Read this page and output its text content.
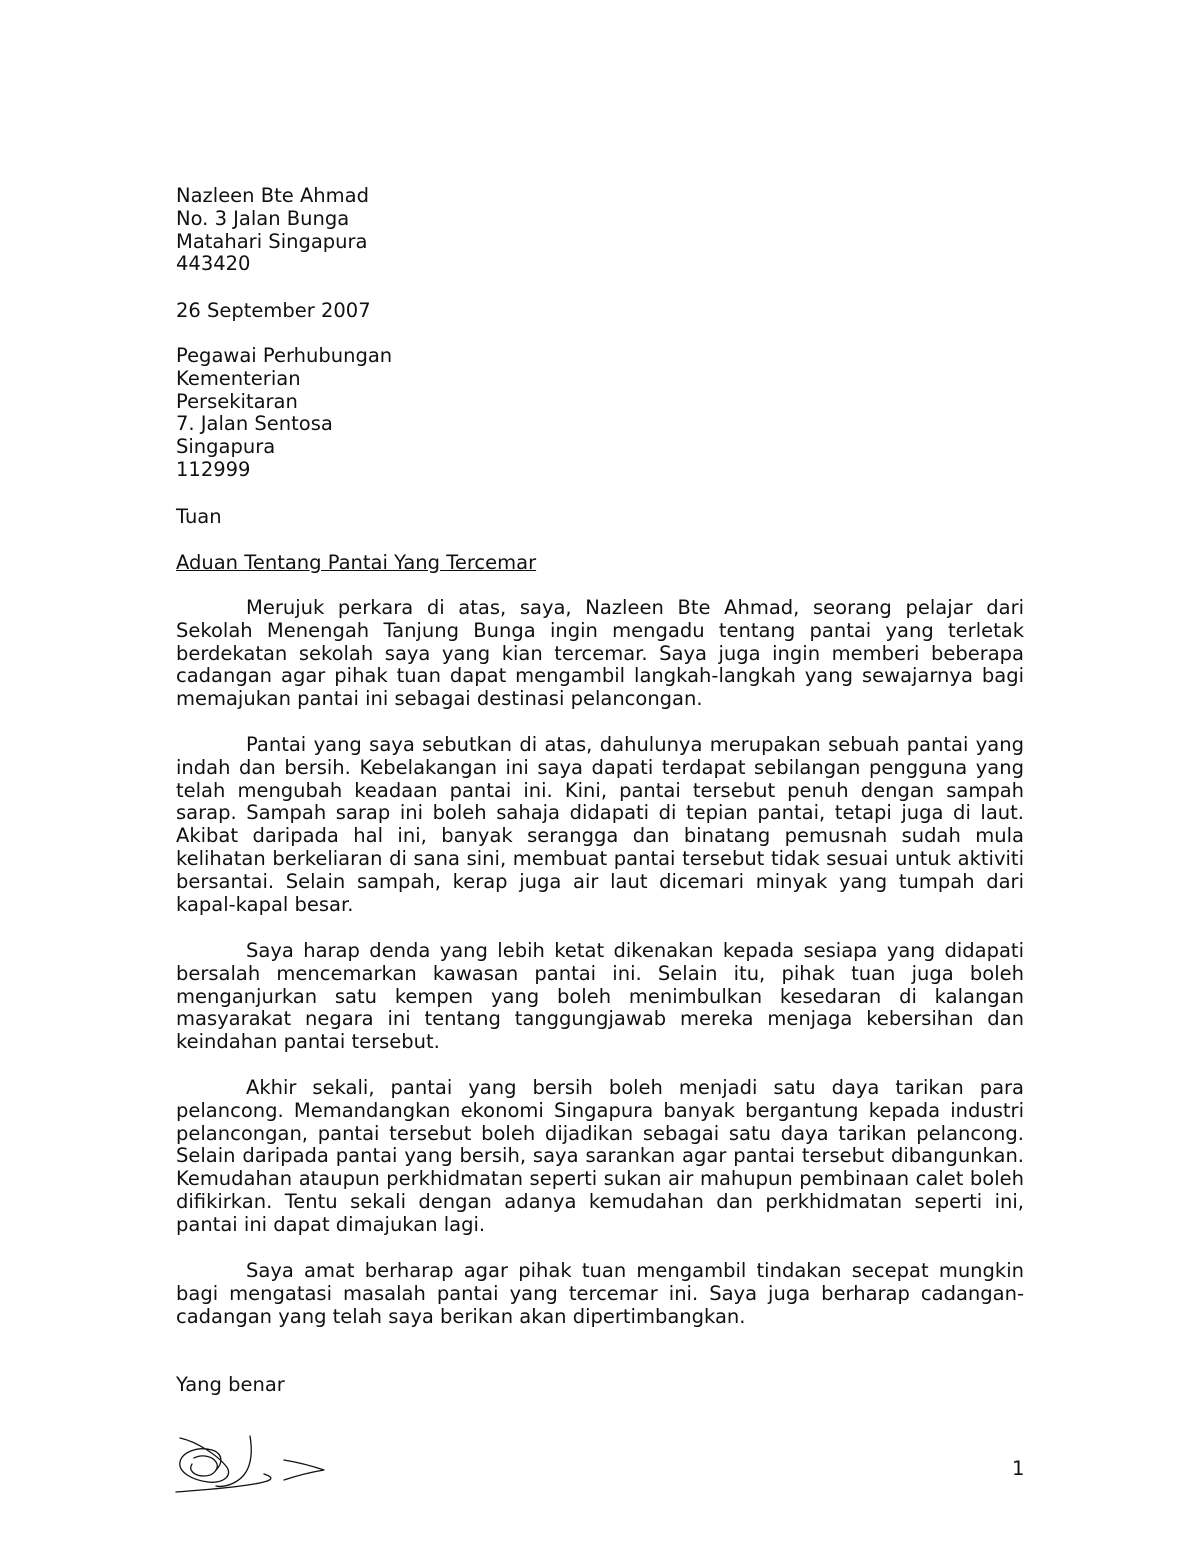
Nazleen Bte Ahmad
No. 3 Jalan Bunga
Matahari Singapura
443420
26 September 2007
Pegawai Perhubungan
Kementerian
Persekitaran
7. Jalan Sentosa
Singapura
112999
Tuan
Aduan Tentang Pantai Yang Tercemar

Merujuk perkara di atas, saya, Nazleen Bte Ahmad, seorang pelajar dari Sekolah Menengah Tanjung Bunga ingin mengadu tentang pantai yang terletak berdekatan sekolah saya yang kian tercemar. Saya juga ingin memberi beberapa cadangan agar pihak tuan dapat mengambil langkah-langkah yang sewajarnya bagi memajukan pantai ini sebagai destinasi pelancongan.

Pantai yang saya sebutkan di atas, dahulunya merupakan sebuah pantai yang indah dan bersih. Kebelakangan ini saya dapati terdapat sebilangan pengguna yang telah mengubah keadaan pantai ini. Kini, pantai tersebut penuh dengan sampah sarap. Sampah sarap ini boleh sahaja didapati di tepian pantai, tetapi juga di laut. Akibat daripada hal ini, banyak serangga dan binatang pemusnah sudah mula kelihatan berkeliaran di sana sini, membuat pantai tersebut tidak sesuai untuk aktiviti bersantai. Selain sampah, kerap juga air laut dicemari minyak yang tumpah dari kapal-kapal besar.

Saya harap denda yang lebih ketat dikenakan kepada sesiapa yang didapati bersalah mencemarkan kawasan pantai ini. Selain itu, pihak tuan juga boleh menganjurkan satu kempen yang boleh menimbulkan kesedaran di kalangan masyarakat negara ini tentang tanggungjawab mereka menjaga kebersihan dan keindahan pantai tersebut.

Akhir sekali, pantai yang bersih boleh menjadi satu daya tarikan para pelancong. Memandangkan ekonomi Singapura banyak bergantung kepada industri pelancongan, pantai tersebut boleh dijadikan sebagai satu daya tarikan pelancong. Selain daripada pantai yang bersih, saya sarankan agar pantai tersebut dibangunkan. Kemudahan ataupun perkhidmatan seperti sukan air mahupun pembinaan calet boleh difikirkan. Tentu sekali dengan adanya kemudahan dan perkhidmatan seperti ini, pantai ini dapat dimajukan lagi.

Saya amat berharap agar pihak tuan mengambil tindakan secepat mungkin bagi mengatasi masalah pantai yang tercemar ini. Saya juga berharap cadangan-cadangan yang telah saya berikan akan dipertimbangkan.

Yang benar
1
